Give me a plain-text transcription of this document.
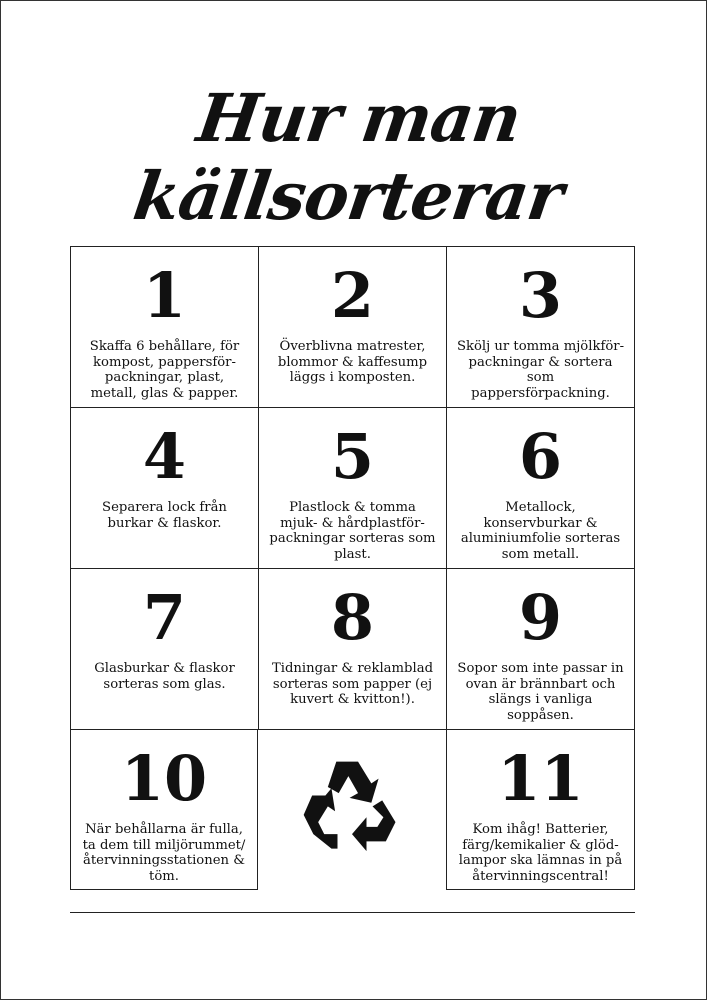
Hur man källsorterar
1
Skaffa 6 behållare, för kompost, pappersför-packningar, plast, metall, glas & papper.
2
Överblivna matrester, blommor & kaffesump läggs i komposten.
3
Skölj ur tomma mjölkför-packningar & sortera som pappersförpackning.
4
Separera lock från burkar & flaskor.
5
Plastlock & tomma mjuk- & hårdplastför-packningar sorteras som plast.
6
Metallock, konservburkar & aluminiumfolie sorteras som metall.
7
Glasburkar & flaskor sorteras som glas.
8
Tidningar & reklamblad sorteras som papper (ej kuvert & kvitton!).
9
Sopor som inte passar in ovan är brännbart och slängs i vanliga soppåsen.
10
När behållarna är fulla, ta dem till miljörummet/ återvinningsstationen & töm.
11
Kom ihåg! Batterier, färg/kemikalier & glöd-lampor ska lämnas in på återvinningscentral!
